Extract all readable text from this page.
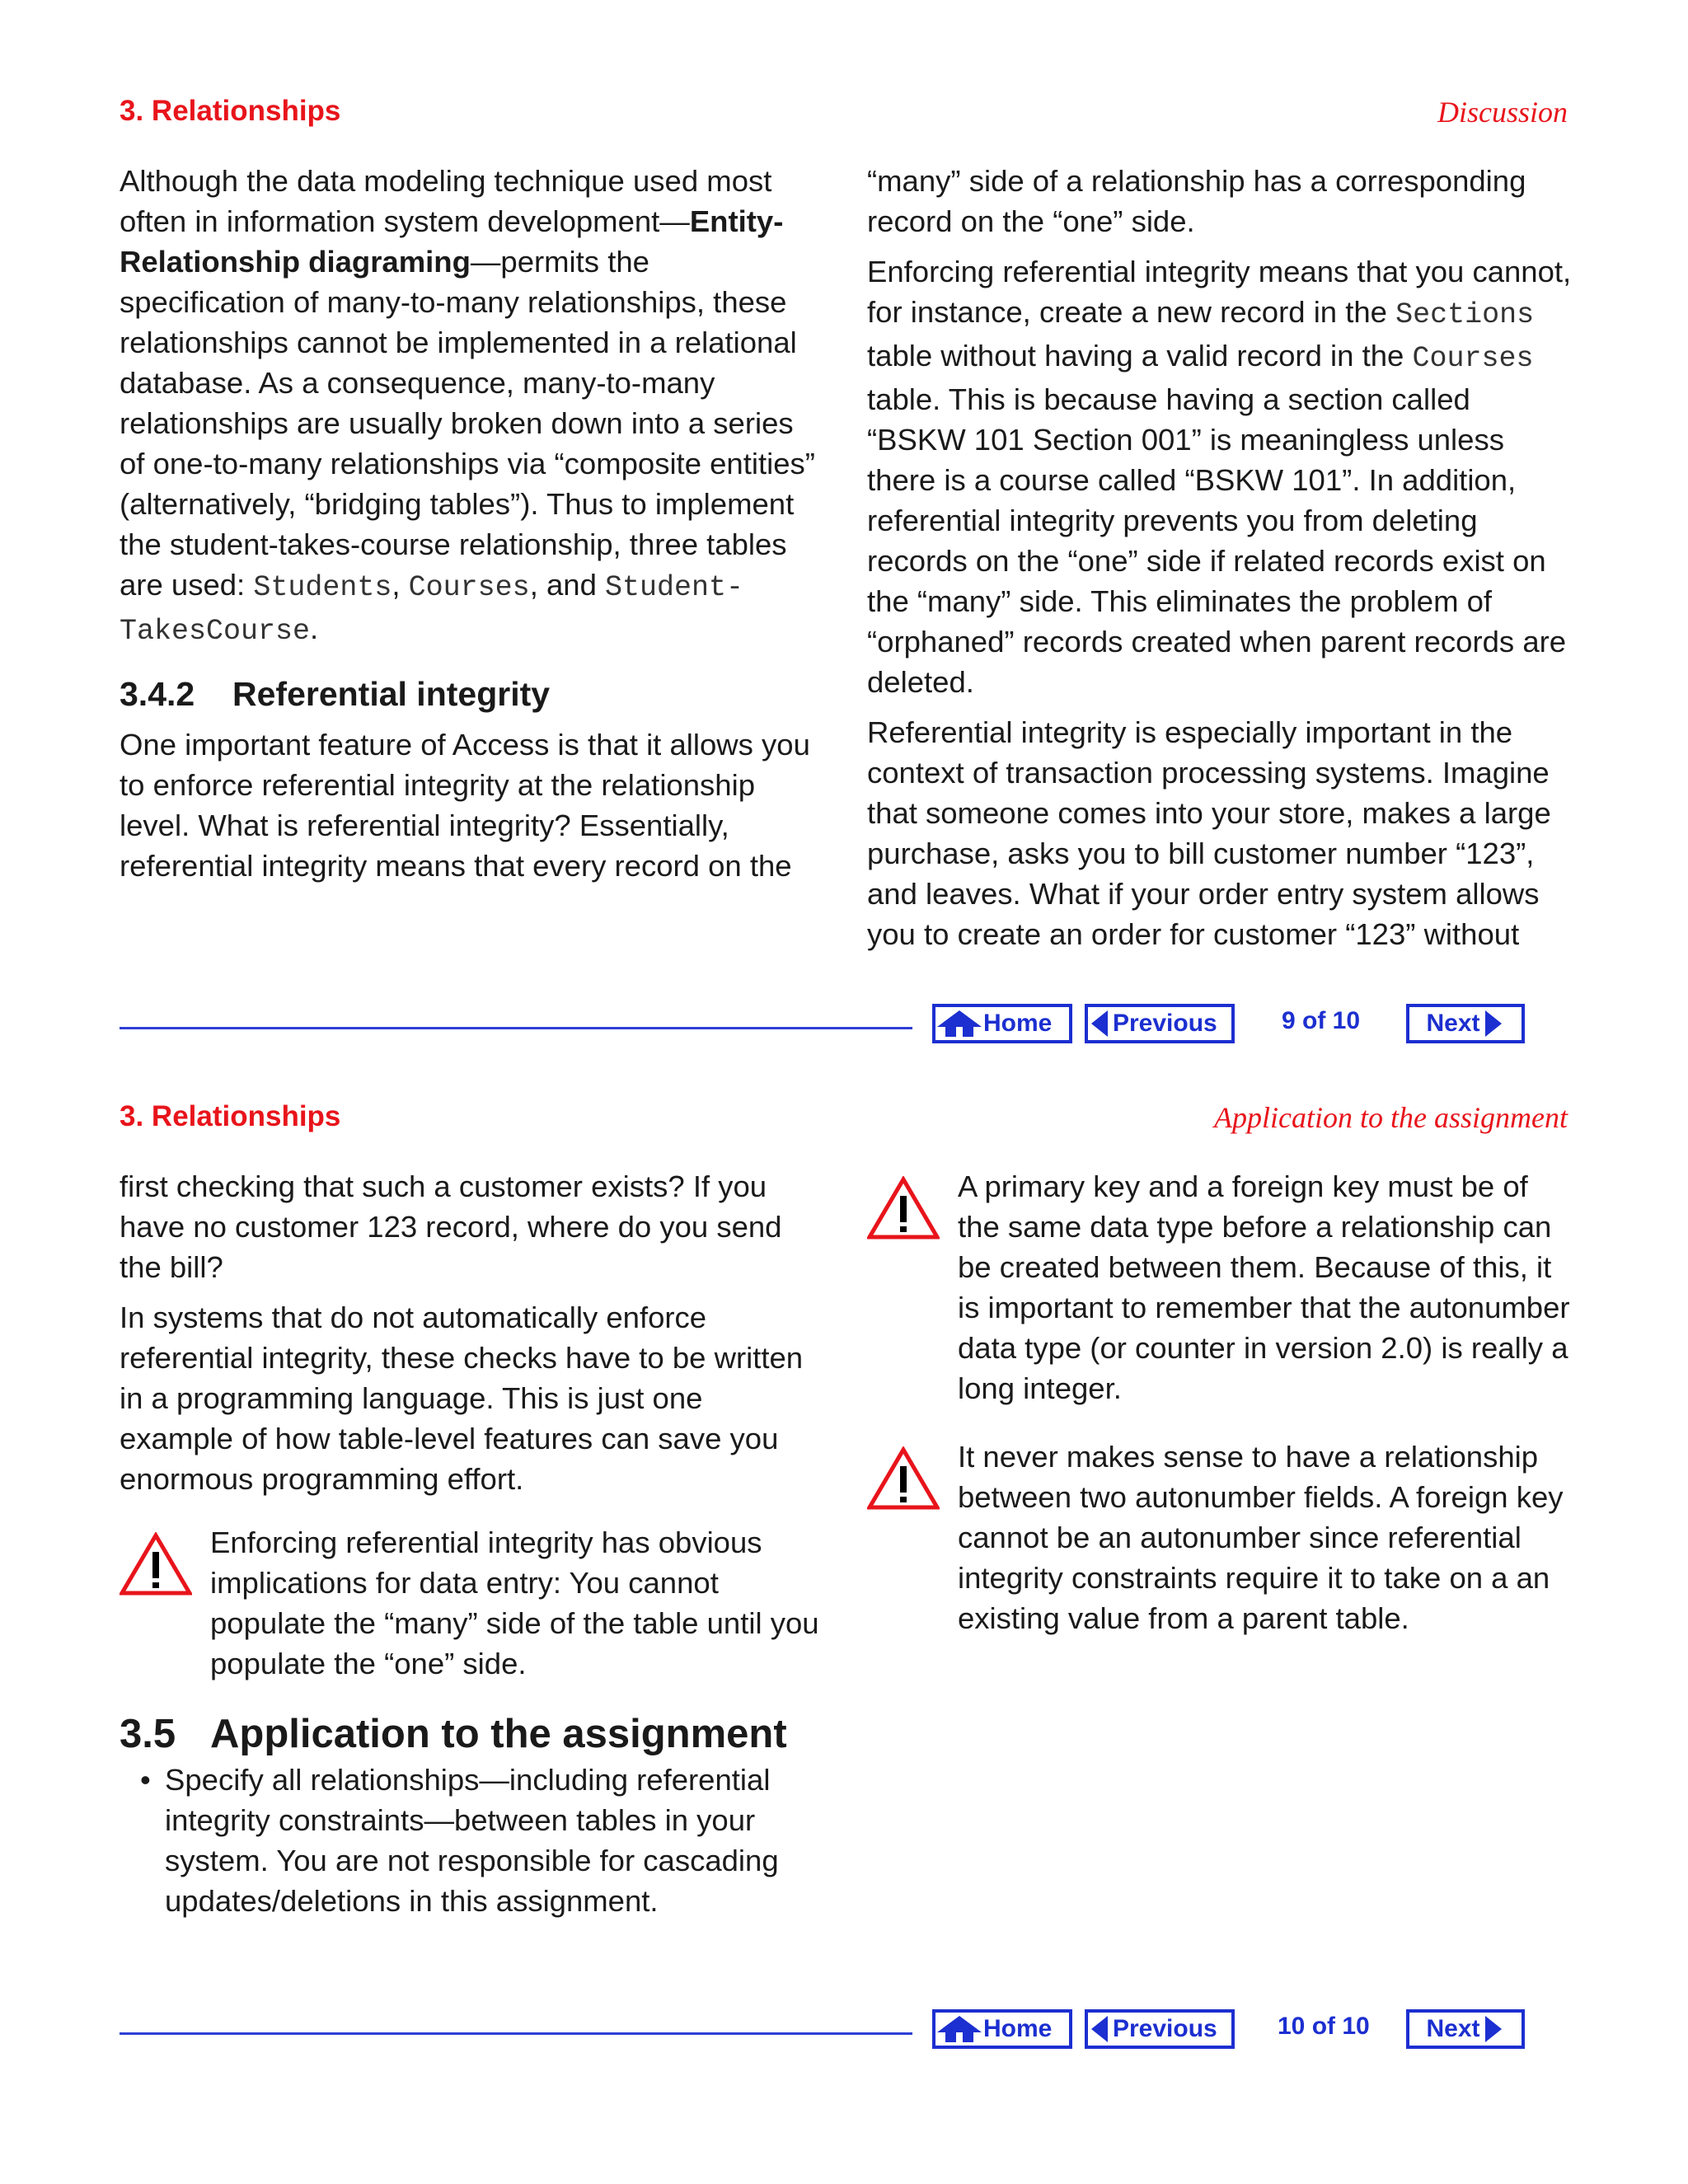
3. Relationships	Discussion

Although the data modeling technique used most often in information system development—Entity-Relationship diagraming—permits the specification of many-to-many relationships, these relationships cannot be implemented in a relational database. As a consequence, many-to-many relationships are usually broken down into a series of one-to-many relationships via “composite entities” (alternatively, “bridging tables”). Thus to implement the student-takes-course relationship, three tables are used: Students, Courses, and Student-TakesCourse.

3.4.2 Referential integrity

One important feature of Access is that it allows you to enforce referential integrity at the relationship level. What is referential integrity? Essentially, referential integrity means that every record on the

“many” side of a relationship has a corresponding record on the “one” side.

Enforcing referential integrity means that you cannot, for instance, create a new record in the Sections table without having a valid record in the Courses table. This is because having a section called “BSKW 101 Section 001” is meaningless unless there is a course called “BSKW 101”. In addition, referential integrity prevents you from deleting records on the “one” side if related records exist on the “many” side. This eliminates the problem of “orphaned” records created when parent records are deleted.

Referential integrity is especially important in the context of transaction processing systems. Imagine that someone comes into your store, makes a large purchase, asks you to bill customer number “123”, and leaves. What if your order entry system allows you to create an order for customer “123” without

Home Previous	9 of 10	Next
3. Relationships	Application to the assignment

first checking that such a customer exists? If you have no customer 123 record, where do you send the bill?

In systems that do not automatically enforce referential integrity, these checks have to be written in a programming language. This is just one example of how table-level features can save you enormous programming effort.

Enforcing referential integrity has obvious implications for data entry: You cannot populate the “many” side of the table until you populate the “one” side.
3.5 Application to the assignment

• Specify all relationships—including referential integrity constraints—between tables in your system. You are not responsible for cascading updates/deletions in this assignment.

A primary key and a foreign key must be of the same data type before a relationship can be created between them. Because of this, it is important to remember that the autonumber data type (or counter in version 2.0) is really a long integer.
It never makes sense to have a relationship between two autonumber fields. A foreign key cannot be an autonumber since referential integrity constraints require it to take on a an existing value from a parent table.
Home Previous 10 of 10 Next
